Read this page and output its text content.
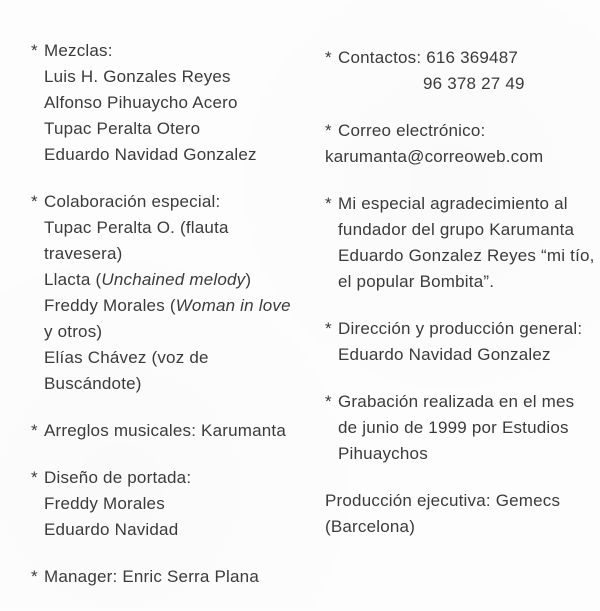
* Mezclas:
Luis H. Gonzales Reyes
Alfonso Pihuaycho Acero
Tupac Peralta Otero
Eduardo Navidad Gonzalez
* Colaboración especial:
Tupac Peralta O. (flauta
travesera)
Llacta (Unchained melody)
Freddy Morales (Woman in love
y otros)
Elías Chávez (voz de
Buscándote)
* Arreglos musicales: Karumanta
* Diseño de portada:
Freddy Morales
Eduardo Navidad
* Manager: Enric Serra Plana
* Contactos: 616 369487
96 378 27 49
* Correo electrónico:
karumanta@correoweb.com
* Mi especial agradecimiento al
fundador del grupo Karumanta
Eduardo Gonzalez Reyes “mi tío,
el popular Bombita”.
* Dirección y producción general:
Eduardo Navidad Gonzalez
* Grabación realizada en el mes
de junio de 1999 por Estudios
Pihuaychos
Producción ejecutiva: Gemecs
(Barcelona)
